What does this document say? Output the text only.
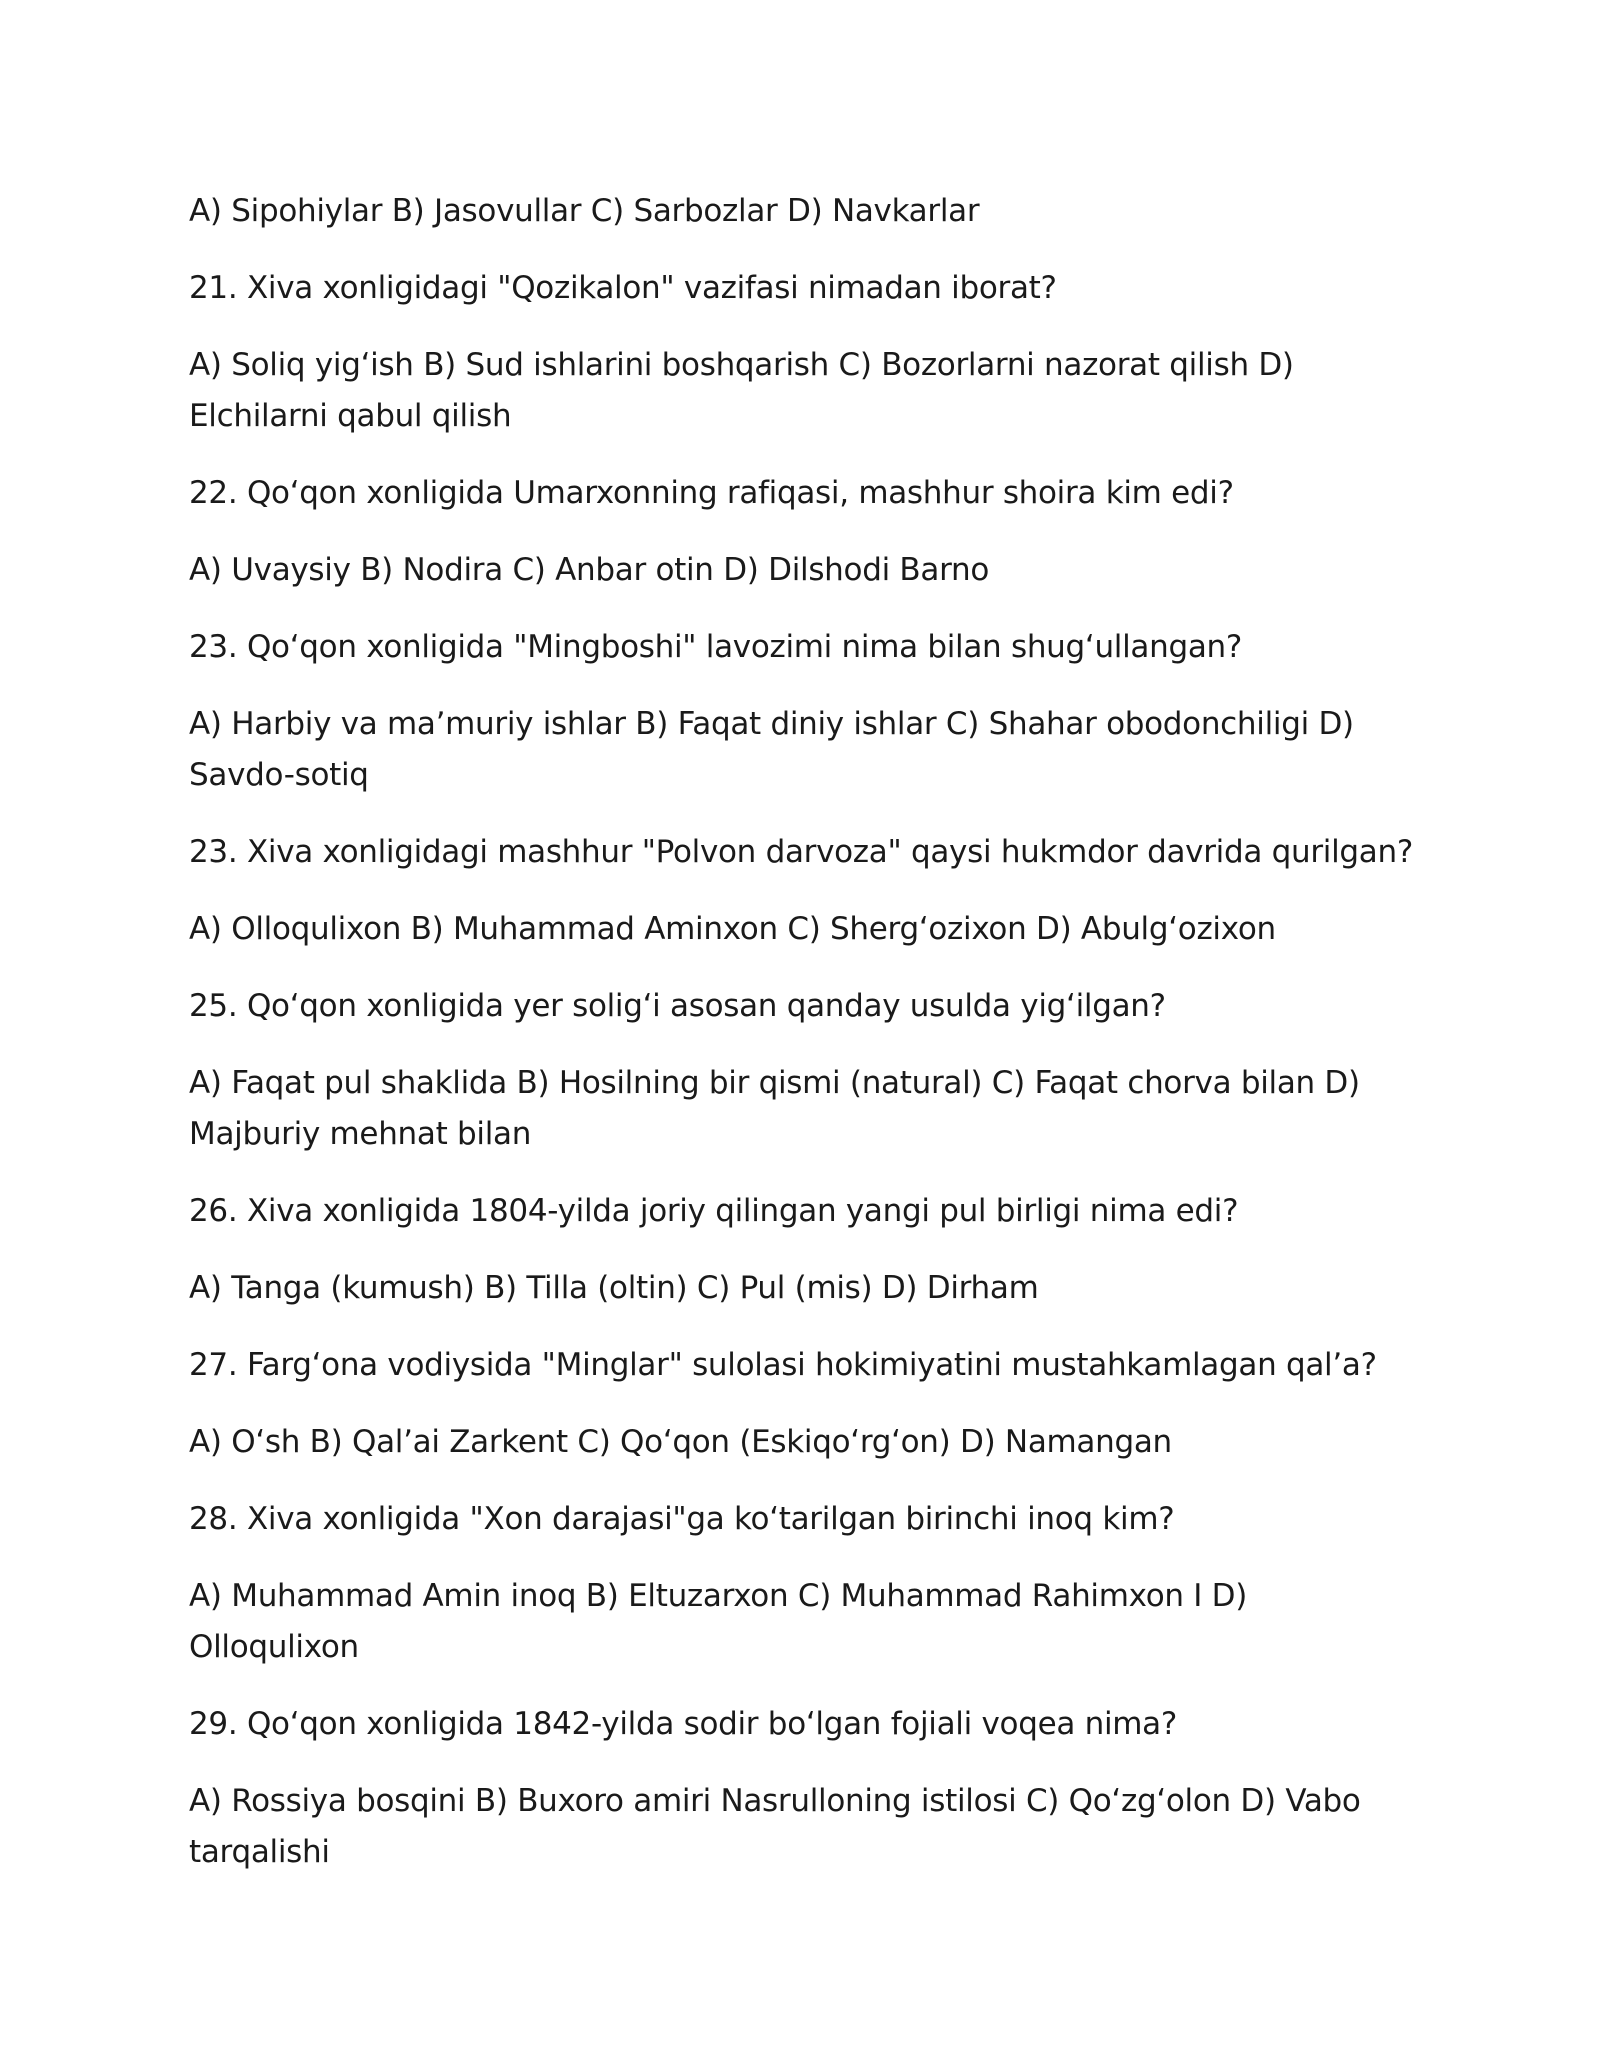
A) Sipohiylar B) Jasovullar C) Sarbozlar D) Navkarlar

21. Xiva xonligidagi "Qozikalon" vazifasi nimadan iborat?

A) Soliq yig‘ish B) Sud ishlarini boshqarish C) Bozorlarni nazorat qilish D) Elchilarni qabul qilish

22. Qo‘qon xonligida Umarxonning rafiqasi, mashhur shoira kim edi?

A) Uvaysiy B) Nodira C) Anbar otin D) Dilshodi Barno

23. Qo‘qon xonligida "Mingboshi" lavozimi nima bilan shug‘ullangan?

A) Harbiy va ma’muriy ishlar B) Faqat diniy ishlar C) Shahar obodonchiligi D) Savdo-sotiq

23. Xiva xonligidagi mashhur "Polvon darvoza" qaysi hukmdor davrida qurilgan?

A) Olloqulixon B) Muhammad Aminxon C) Sherg‘ozixon D) Abulg‘ozixon

25. Qo‘qon xonligida yer solig‘i asosan qanday usulda yig‘ilgan?

A) Faqat pul shaklida B) Hosilning bir qismi (natural) C) Faqat chorva bilan D) Majburiy mehnat bilan

26. Xiva xonligida 1804-yilda joriy qilingan yangi pul birligi nima edi?

A) Tanga (kumush) B) Tilla (oltin) C) Pul (mis) D) Dirham

27. Farg‘ona vodiysida "Minglar" sulolasi hokimiyatini mustahkamlagan qal’a?

A) O‘sh B) Qal’ai Zarkent C) Qo‘qon (Eskiqo‘rg‘on) D) Namangan

28. Xiva xonligida "Xon darajasi"ga ko‘tarilgan birinchi inoq kim?

A) Muhammad Amin inoq B) Eltuzarxon C) Muhammad Rahimxon I D) Olloqulixon

29. Qo‘qon xonligida 1842-yilda sodir bo‘lgan fojiali voqea nima?

A) Rossiya bosqini B) Buxoro amiri Nasrulloning istilosi C) Qo‘zg‘olon D) Vabo tarqalishi
